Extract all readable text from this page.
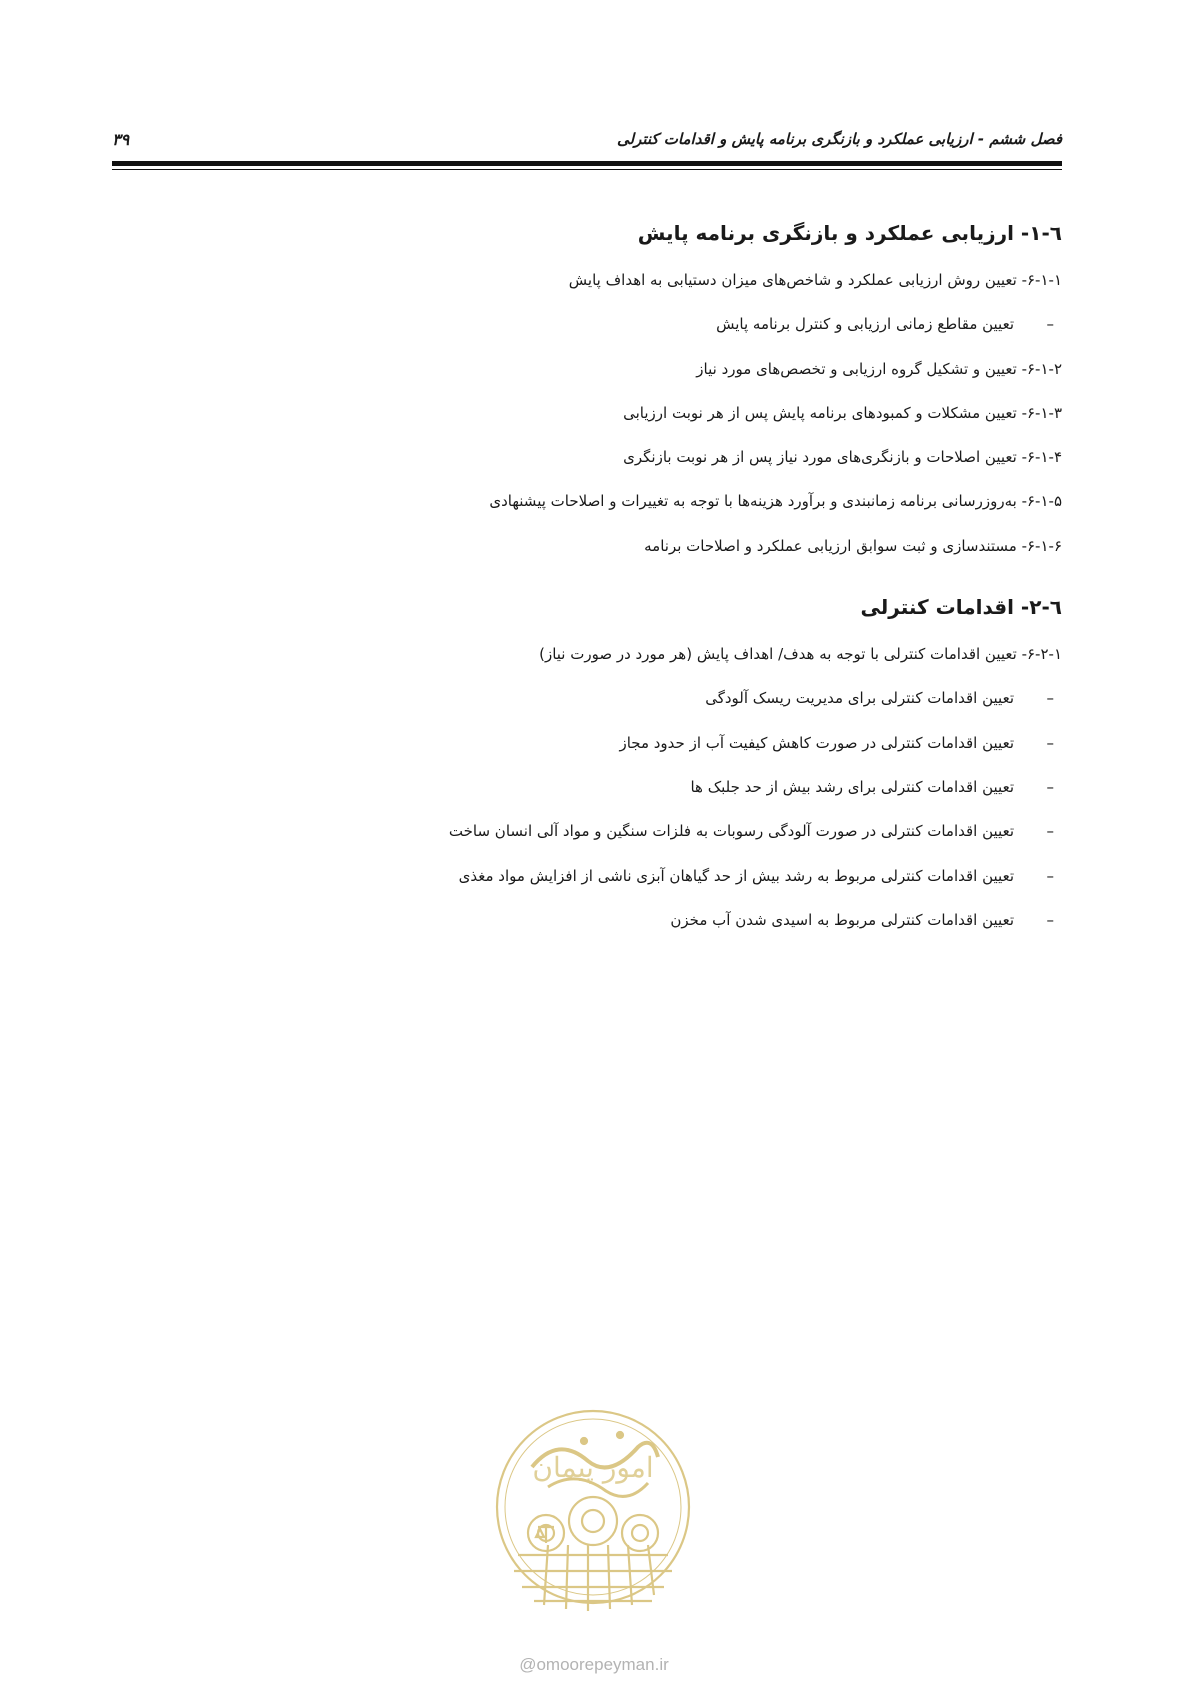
فصل ششم - ارزیابی عملکرد و بازنگری برنامه پایش و اقدامات کنترلی
۳۹
٦-١- ارزیابی عملکرد و بازنگری برنامه پایش
۶-۱-۱- تعیین روش ارزیابی عملکرد و شاخص‌های میزان دستیابی به اهداف پایش
–تعیین مقاطع زمانی ارزیابی و کنترل برنامه پایش
۶-۱-۲- تعیین و تشکیل گروه ارزیابی و تخصص‌های مورد نیاز
۶-۱-۳- تعیین مشکلات و کمبودهای برنامه پایش پس از هر نوبت ارزیابی
۶-۱-۴- تعیین اصلاحات و بازنگری‌های مورد نیاز پس از هر نوبت بازنگری
۶-۱-۵- به‌روزرسانی برنامه زمانبندی و برآورد هزینه‌ها با توجه به تغییرات و اصلاحات پیشنهادی
۶-۱-۶- مستندسازی و ثبت سوابق ارزیابی عملکرد و اصلاحات برنامه
٦-٢- اقدامات کنترلی
۶-۲-۱- تعیین اقدامات کنترلی با توجه به هدف/ اهداف پایش (هر مورد در صورت نیاز)
–تعیین اقدامات کنترلی برای مدیریت ریسک آلودگی
–تعیین اقدامات کنترلی در صورت کاهش کیفیت آب از حدود مجاز
–تعیین اقدامات کنترلی برای رشد بیش از حد جلبک ها
–تعیین اقدامات کنترلی در صورت آلودگی رسوبات به فلزات سنگین و مواد آلی انسان ساخت
–تعیین اقدامات کنترلی مربوط به رشد بیش از حد گیاهان آبزی ناشی از افزایش مواد مغذی
–تعیین اقدامات کنترلی مربوط به اسیدی شدن آب مخزن
امور پیمان
@omoorepeyman.ir
